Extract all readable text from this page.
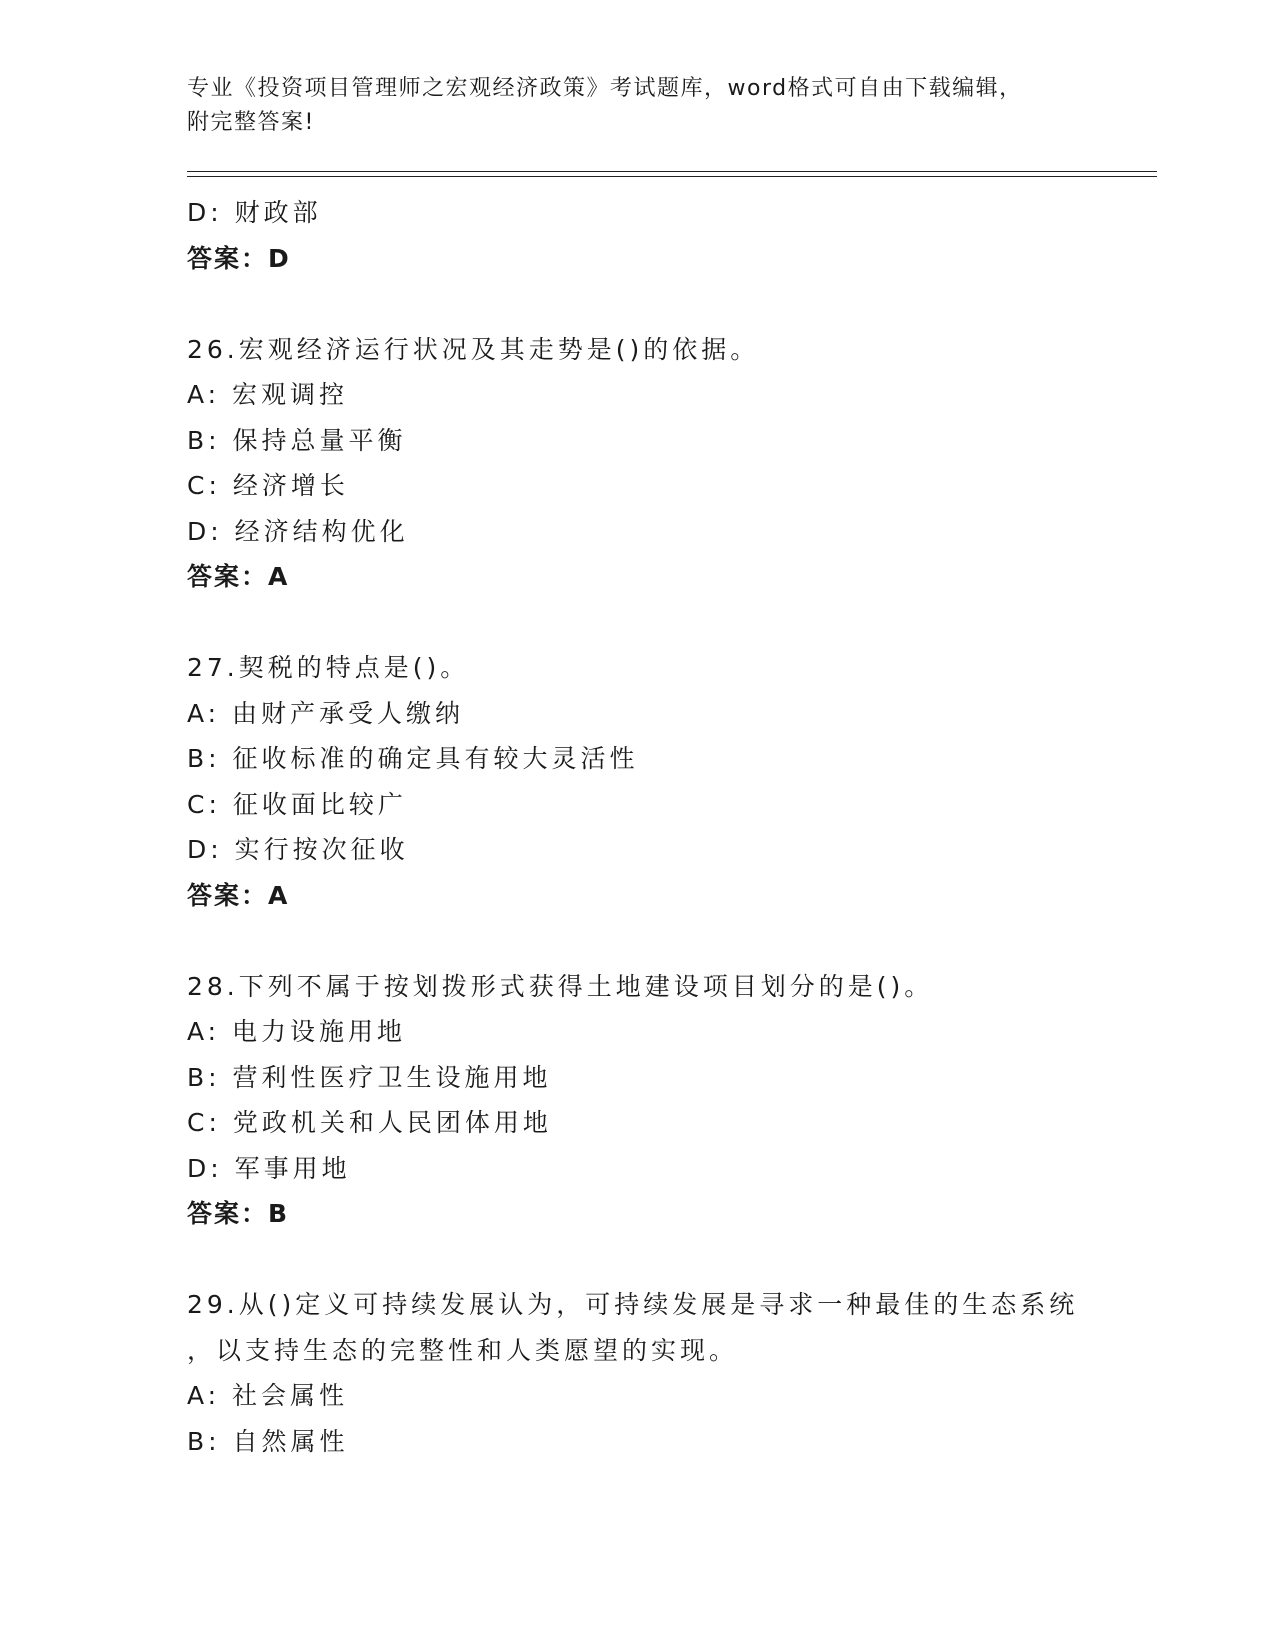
专业《投资项目管理师之宏观经济政策》考试题库，word格式可自由下载编辑，
附完整答案!
D: 财政部
答案：D
26.宏观经济运行状况及其走势是()的依据。
A: 宏观调控
B: 保持总量平衡
C: 经济增长
D: 经济结构优化
答案：A
27.契税的特点是()。
A: 由财产承受人缴纳
B: 征收标准的确定具有较大灵活性
C: 征收面比较广
D: 实行按次征收
答案：A
28.下列不属于按划拨形式获得土地建设项目划分的是()。
A: 电力设施用地
B: 营利性医疗卫生设施用地
C: 党政机关和人民团体用地
D: 军事用地
答案：B
29.从()定义可持续发展认为，可持续发展是寻求一种最佳的生态系统
，以支持生态的完整性和人类愿望的实现。
A: 社会属性
B: 自然属性
